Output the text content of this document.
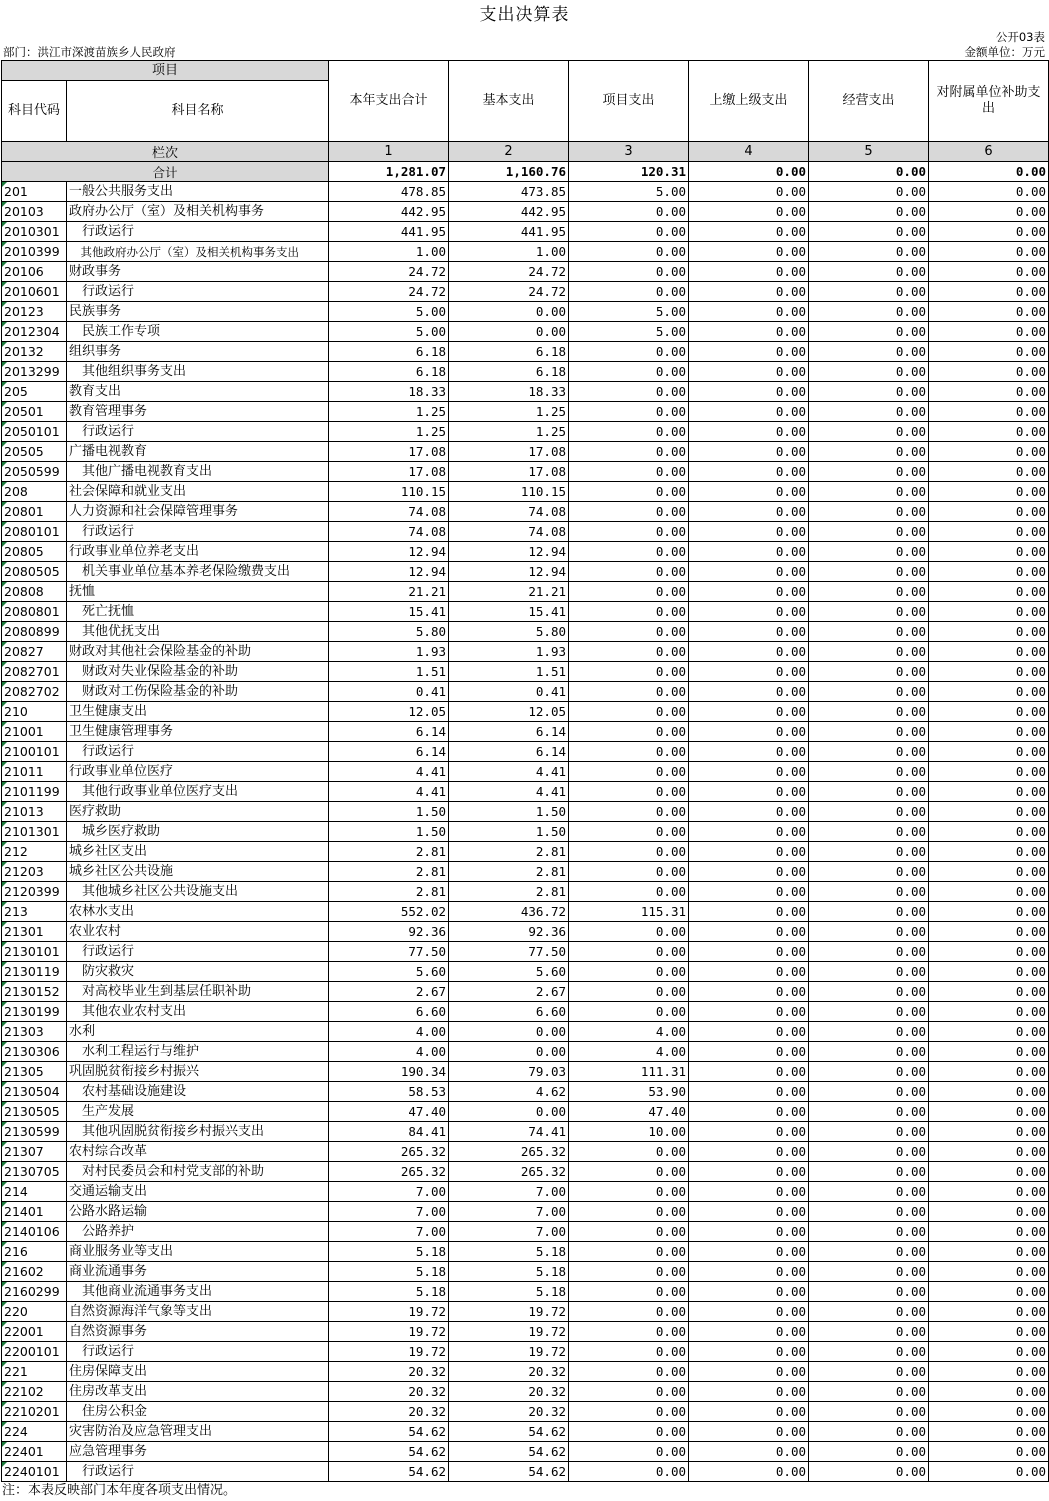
支出决算表
公开03表
部门：洪江市深渡苗族乡人民政府	金额单位：万元
项目		本年支出合计	基本支出	项目支出	上缴上级支出	经营支出	对附属单位补助支出
科目代码	科目名称						
栏次		1	2	3	4	5	6
合计		1,281.07	1,160.76	120.31	0.00	0.00	0.00
201	一般公共服务支出	478.85	473.85	5.00	0.00	0.00	0.00
20103	政府办公厅（室）及相关机构事务	442.95	442.95	0.00	0.00	0.00	0.00
2010301	　行政运行	441.95	441.95	0.00	0.00	0.00	0.00
2010399	　其他政府办公厅（室）及相关机构事务支出	1.00	1.00	0.00	0.00	0.00	0.00
20106	财政事务	24.72	24.72	0.00	0.00	0.00	0.00
2010601	　行政运行	24.72	24.72	0.00	0.00	0.00	0.00
20123	民族事务	5.00	0.00	5.00	0.00	0.00	0.00
2012304	　民族工作专项	5.00	0.00	5.00	0.00	0.00	0.00
20132	组织事务	6.18	6.18	0.00	0.00	0.00	0.00
2013299	　其他组织事务支出	6.18	6.18	0.00	0.00	0.00	0.00
205	教育支出	18.33	18.33	0.00	0.00	0.00	0.00
20501	教育管理事务	1.25	1.25	0.00	0.00	0.00	0.00
2050101	　行政运行	1.25	1.25	0.00	0.00	0.00	0.00
20505	广播电视教育	17.08	17.08	0.00	0.00	0.00	0.00
2050599	　其他广播电视教育支出	17.08	17.08	0.00	0.00	0.00	0.00
208	社会保障和就业支出	110.15	110.15	0.00	0.00	0.00	0.00
20801	人力资源和社会保障管理事务	74.08	74.08	0.00	0.00	0.00	0.00
2080101	　行政运行	74.08	74.08	0.00	0.00	0.00	0.00
20805	行政事业单位养老支出	12.94	12.94	0.00	0.00	0.00	0.00
2080505	　机关事业单位基本养老保险缴费支出	12.94	12.94	0.00	0.00	0.00	0.00
20808	抚恤	21.21	21.21	0.00	0.00	0.00	0.00
2080801	　死亡抚恤	15.41	15.41	0.00	0.00	0.00	0.00
2080899	　其他优抚支出	5.80	5.80	0.00	0.00	0.00	0.00
20827	财政对其他社会保险基金的补助	1.93	1.93	0.00	0.00	0.00	0.00
2082701	　财政对失业保险基金的补助	1.51	1.51	0.00	0.00	0.00	0.00
2082702	　财政对工伤保险基金的补助	0.41	0.41	0.00	0.00	0.00	0.00
210	卫生健康支出	12.05	12.05	0.00	0.00	0.00	0.00
21001	卫生健康管理事务	6.14	6.14	0.00	0.00	0.00	0.00
2100101	　行政运行	6.14	6.14	0.00	0.00	0.00	0.00
21011	行政事业单位医疗	4.41	4.41	0.00	0.00	0.00	0.00
2101199	　其他行政事业单位医疗支出	4.41	4.41	0.00	0.00	0.00	0.00
21013	医疗救助	1.50	1.50	0.00	0.00	0.00	0.00
2101301	　城乡医疗救助	1.50	1.50	0.00	0.00	0.00	0.00
212	城乡社区支出	2.81	2.81	0.00	0.00	0.00	0.00
21203	城乡社区公共设施	2.81	2.81	0.00	0.00	0.00	0.00
2120399	　其他城乡社区公共设施支出	2.81	2.81	0.00	0.00	0.00	0.00
213	农林水支出	552.02	436.72	115.31	0.00	0.00	0.00
21301	农业农村	92.36	92.36	0.00	0.00	0.00	0.00
2130101	　行政运行	77.50	77.50	0.00	0.00	0.00	0.00
2130119	　防灾救灾	5.60	5.60	0.00	0.00	0.00	0.00
2130152	　对高校毕业生到基层任职补助	2.67	2.67	0.00	0.00	0.00	0.00
2130199	　其他农业农村支出	6.60	6.60	0.00	0.00	0.00	0.00
21303	水利	4.00	0.00	4.00	0.00	0.00	0.00
2130306	　水利工程运行与维护	4.00	0.00	4.00	0.00	0.00	0.00
21305	巩固脱贫衔接乡村振兴	190.34	79.03	111.31	0.00	0.00	0.00
2130504	　农村基础设施建设	58.53	4.62	53.90	0.00	0.00	0.00
2130505	　生产发展	47.40	0.00	47.40	0.00	0.00	0.00
2130599	　其他巩固脱贫衔接乡村振兴支出	84.41	74.41	10.00	0.00	0.00	0.00
21307	农村综合改革	265.32	265.32	0.00	0.00	0.00	0.00
2130705	　对村民委员会和村党支部的补助	265.32	265.32	0.00	0.00	0.00	0.00
214	交通运输支出	7.00	7.00	0.00	0.00	0.00	0.00
21401	公路水路运输	7.00	7.00	0.00	0.00	0.00	0.00
2140106	　公路养护	7.00	7.00	0.00	0.00	0.00	0.00
216	商业服务业等支出	5.18	5.18	0.00	0.00	0.00	0.00
21602	商业流通事务	5.18	5.18	0.00	0.00	0.00	0.00
2160299	　其他商业流通事务支出	5.18	5.18	0.00	0.00	0.00	0.00
220	自然资源海洋气象等支出	19.72	19.72	0.00	0.00	0.00	0.00
22001	自然资源事务	19.72	19.72	0.00	0.00	0.00	0.00
2200101	　行政运行	19.72	19.72	0.00	0.00	0.00	0.00
221	住房保障支出	20.32	20.32	0.00	0.00	0.00	0.00
22102	住房改革支出	20.32	20.32	0.00	0.00	0.00	0.00
2210201	　住房公积金	20.32	20.32	0.00	0.00	0.00	0.00
224	灾害防治及应急管理支出	54.62	54.62	0.00	0.00	0.00	0.00
22401	应急管理事务	54.62	54.62	0.00	0.00	0.00	0.00
2240101	　行政运行	54.62	54.62	0.00	0.00	0.00	0.00
注：本表反映部门本年度各项支出情况。
